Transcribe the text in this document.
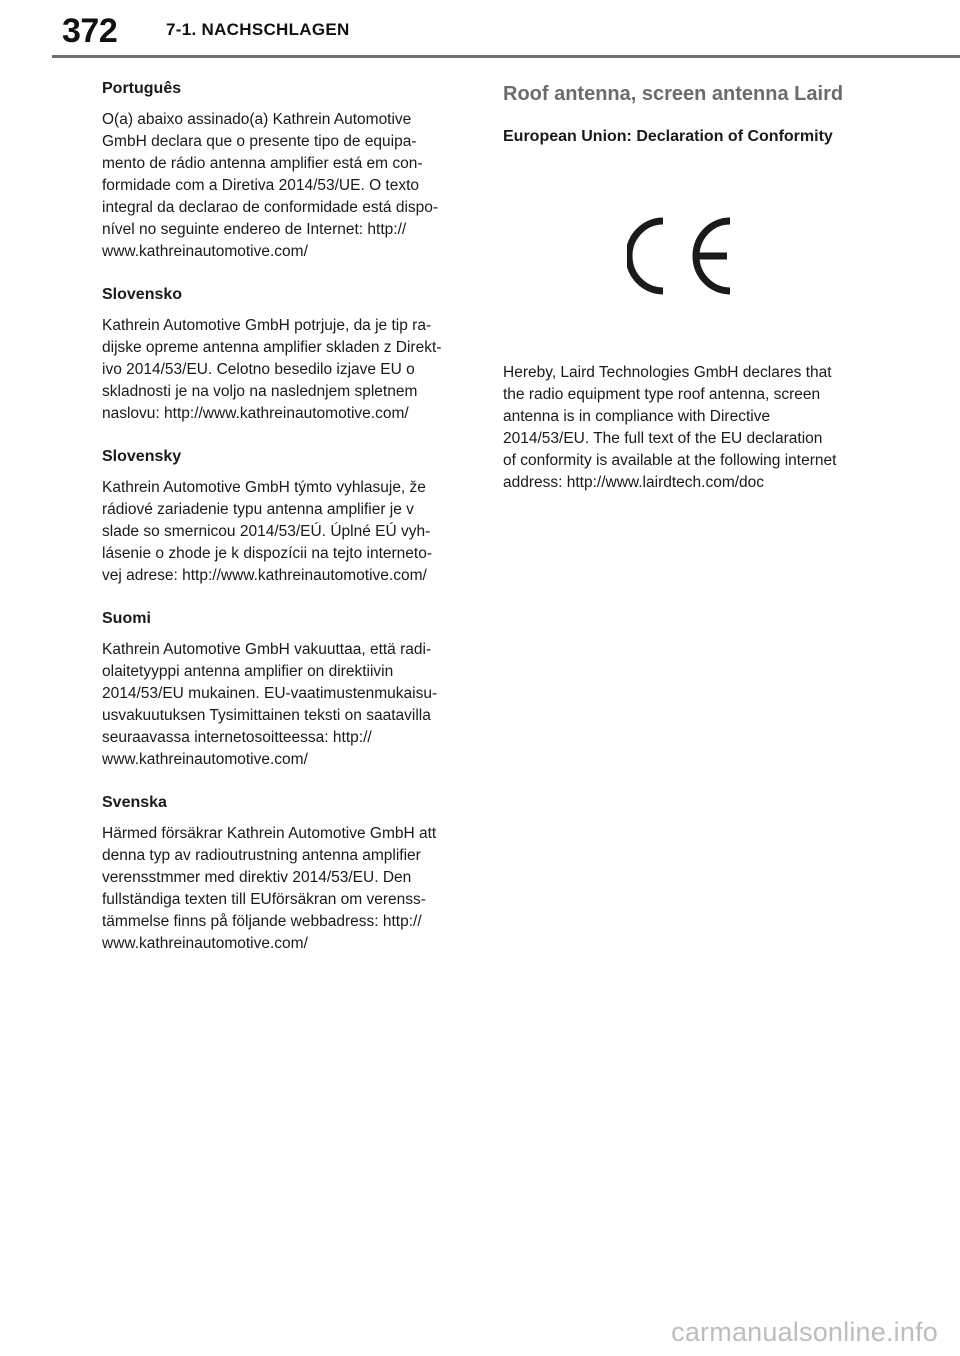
372	7-1. NACHSCHLAGEN
Português
O(a) abaixo assinado(a) Kathrein Automotive
GmbH declara que o presente tipo de equipa-
mento de rádio antenna amplifier está em con-
formidade com a Diretiva 2014/53/UE. O texto
integral da declarao de conformidade está dispo-
nível no seguinte endereo de Internet: http://
www.kathreinautomotive.com/
Slovensko
Kathrein Automotive GmbH potrjuje, da je tip ra-
dijske opreme antenna amplifier skladen z Direkt-
ivo 2014/53/EU. Celotno besedilo izjave EU o
skladnosti je na voljo na naslednjem spletnem
naslovu: http://www.kathreinautomotive.com/
Slovensky
Kathrein Automotive GmbH týmto vyhlasuje, že
rádiové zariadenie typu antenna amplifier je v
slade so smernicou 2014/53/EÚ. Úplné EÚ vyh-
lásenie o zhode je k dispozícii na tejto interneto-
vej adrese: http://www.kathreinautomotive.com/
Suomi
Kathrein Automotive GmbH vakuuttaa, että radi-
olaitetyyppi antenna amplifier on direktiivin
2014/53/EU mukainen. EU-vaatimustenmukaisu-
usvakuutuksen Tysimittainen teksti on saatavilla
seuraavassa internetosoitteessa: http://
www.kathreinautomotive.com/
Svenska
Härmed försäkrar Kathrein Automotive GmbH att
denna typ av radioutrustning antenna amplifier
verensstmmer med direktiv 2014/53/EU. Den
fullständiga texten till EUförsäkran om verenss-
tämmelse finns på följande webbadress: http://
www.kathreinautomotive.com/
Roof antenna, screen antenna Laird
European Union: Declaration of Conformity
Hereby, Laird Technologies GmbH declares that
the radio equipment type roof antenna, screen
antenna is in compliance with Directive
2014/53/EU. The full text of the EU declaration
of conformity is available at the following internet
address: http://www.lairdtech.com/doc
carmanualsonline.info
